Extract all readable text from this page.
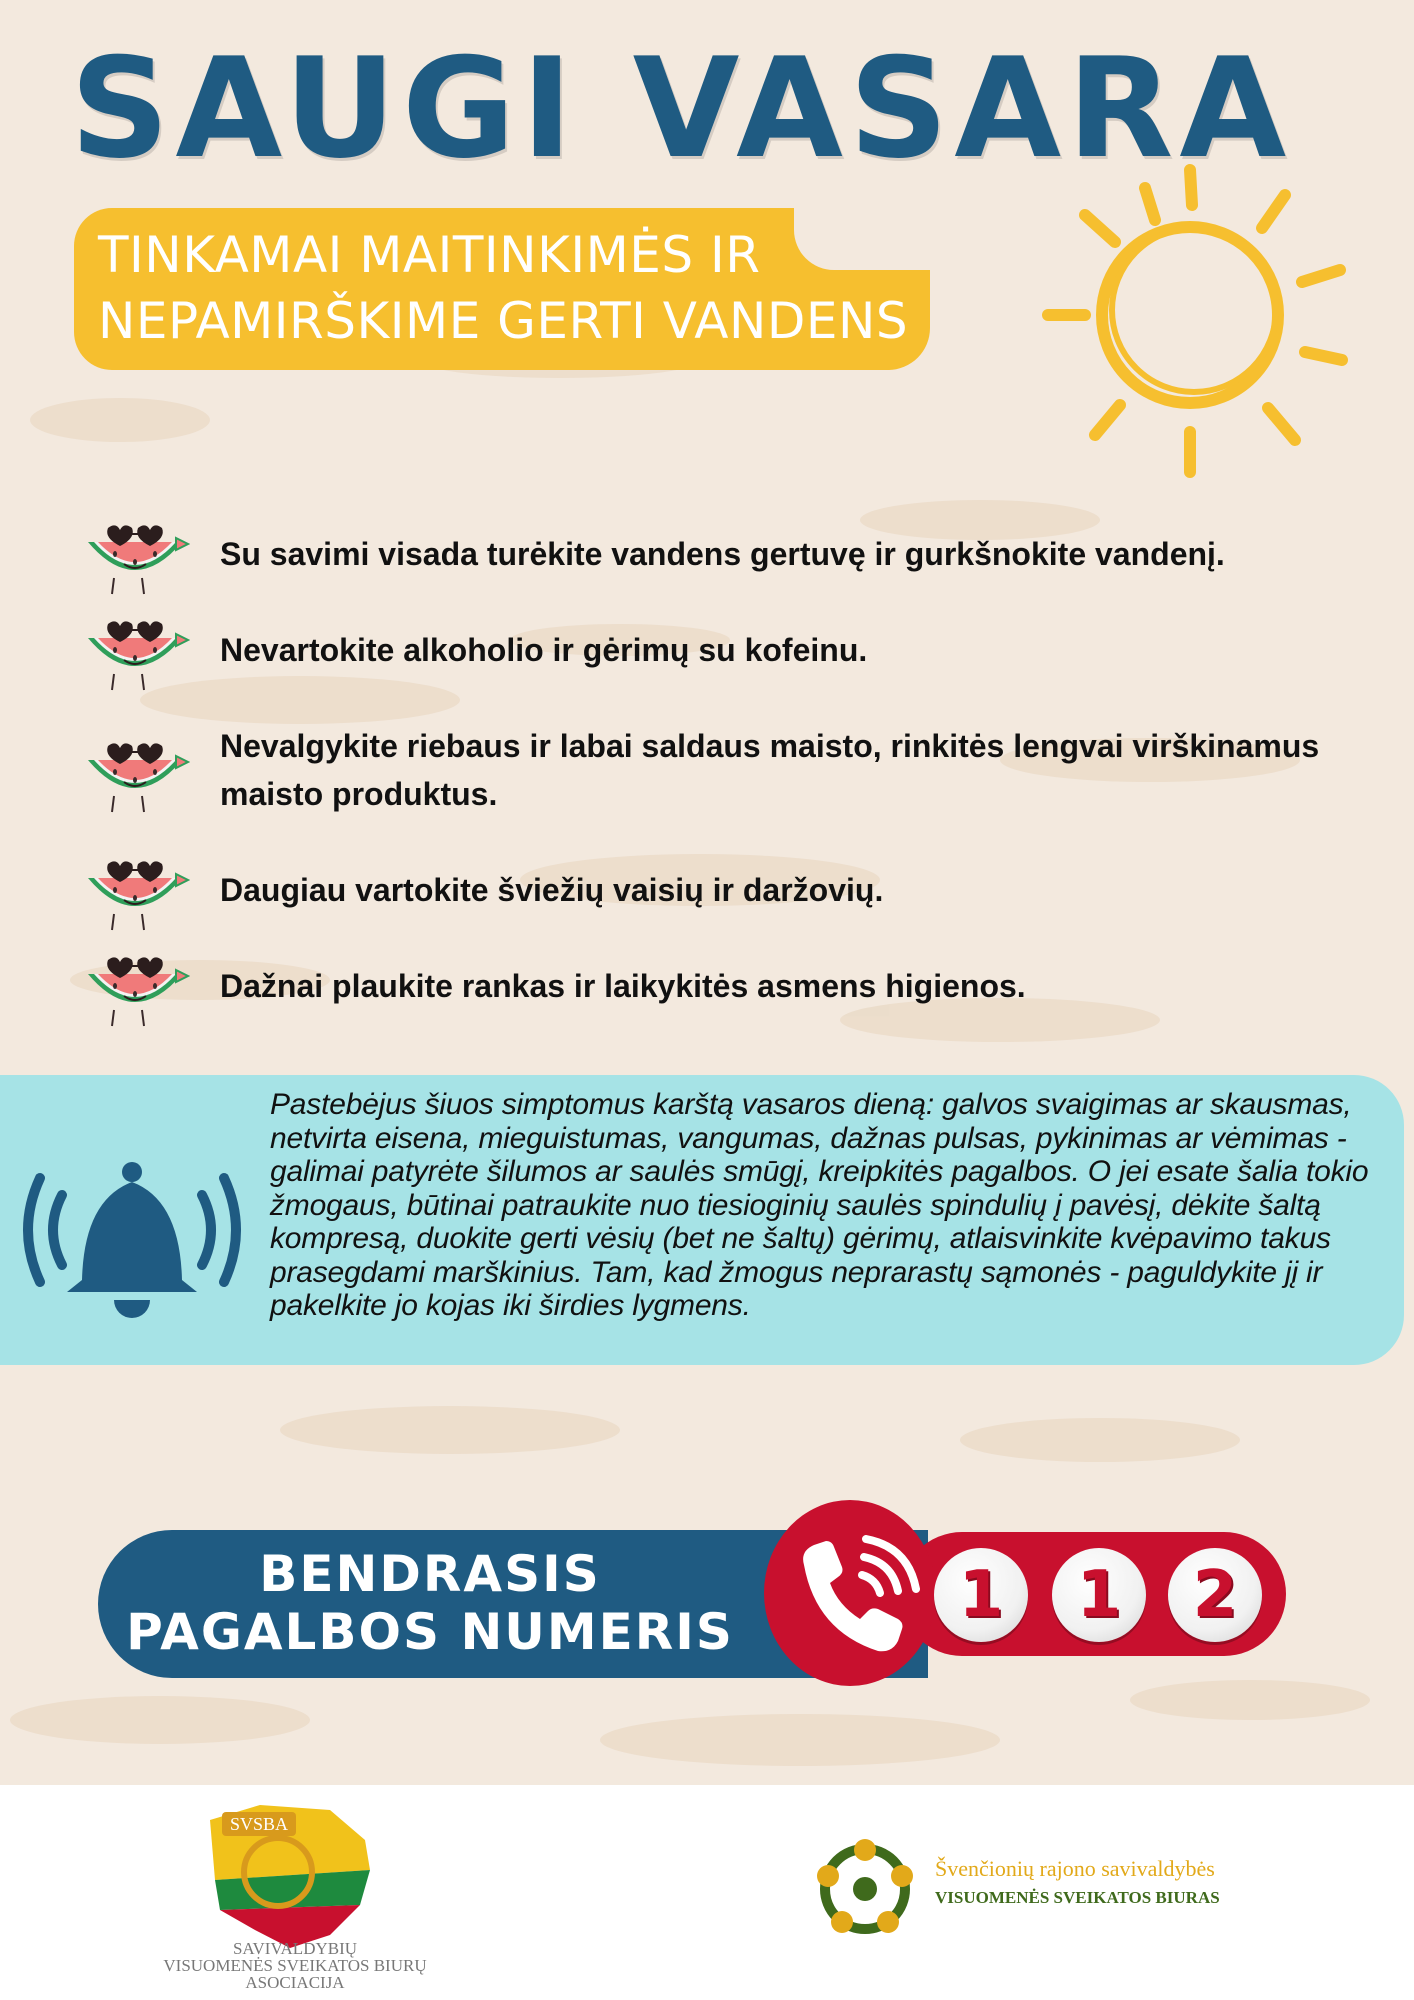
SAUGI VASARA

TINKAMAI MAITINKIMĖS IR
NEPAMIRŠKIME GERTI VANDENS

Su savimi visada turėkite vandens gertuvę ir gurkšnokite vandenį.
Nevartokite alkoholio ir gėrimų su kofeinu.
Nevalgykite riebaus ir labai saldaus maisto, rinkitės lengvai virškinamus maisto produktus.
Daugiau vartokite šviežių vaisių ir daržovių.
Dažnai plaukite rankas ir laikykitės asmens higienos.

Pastebėjus šiuos simptomus karštą vasaros dieną: galvos svaigimas ar skausmas, netvirta eisena, mieguistumas, vangumas, dažnas pulsas, pykinimas ar vėmimas - galimai patyrėte šilumos ar saulės smūgį, kreipkitės pagalbos. O jei esate šalia tokio žmogaus, būtinai patraukite nuo tiesioginių saulės spindulių į pavėsį, dėkite šaltą kompresą, duokite gerti vėsių (bet ne šaltų) gėrimų, atlaisvinkite kvėpavimo takus prasegdami marškinius. Tam, kad žmogus neprarastų sąmonės - paguldykite jį ir pakelkite jo kojas iki širdies lygmens.

BENDRASIS
PAGALBOS NUMERIS	1	1	2
SVSBA

SAVIVALDYBIŲ
VISUOMENĖS SVEIKATOS BIURŲ
ASOCIACIJA

Švenčionių rajono savivaldybės

VISUOMENĖS SVEIKATOS BIURAS
